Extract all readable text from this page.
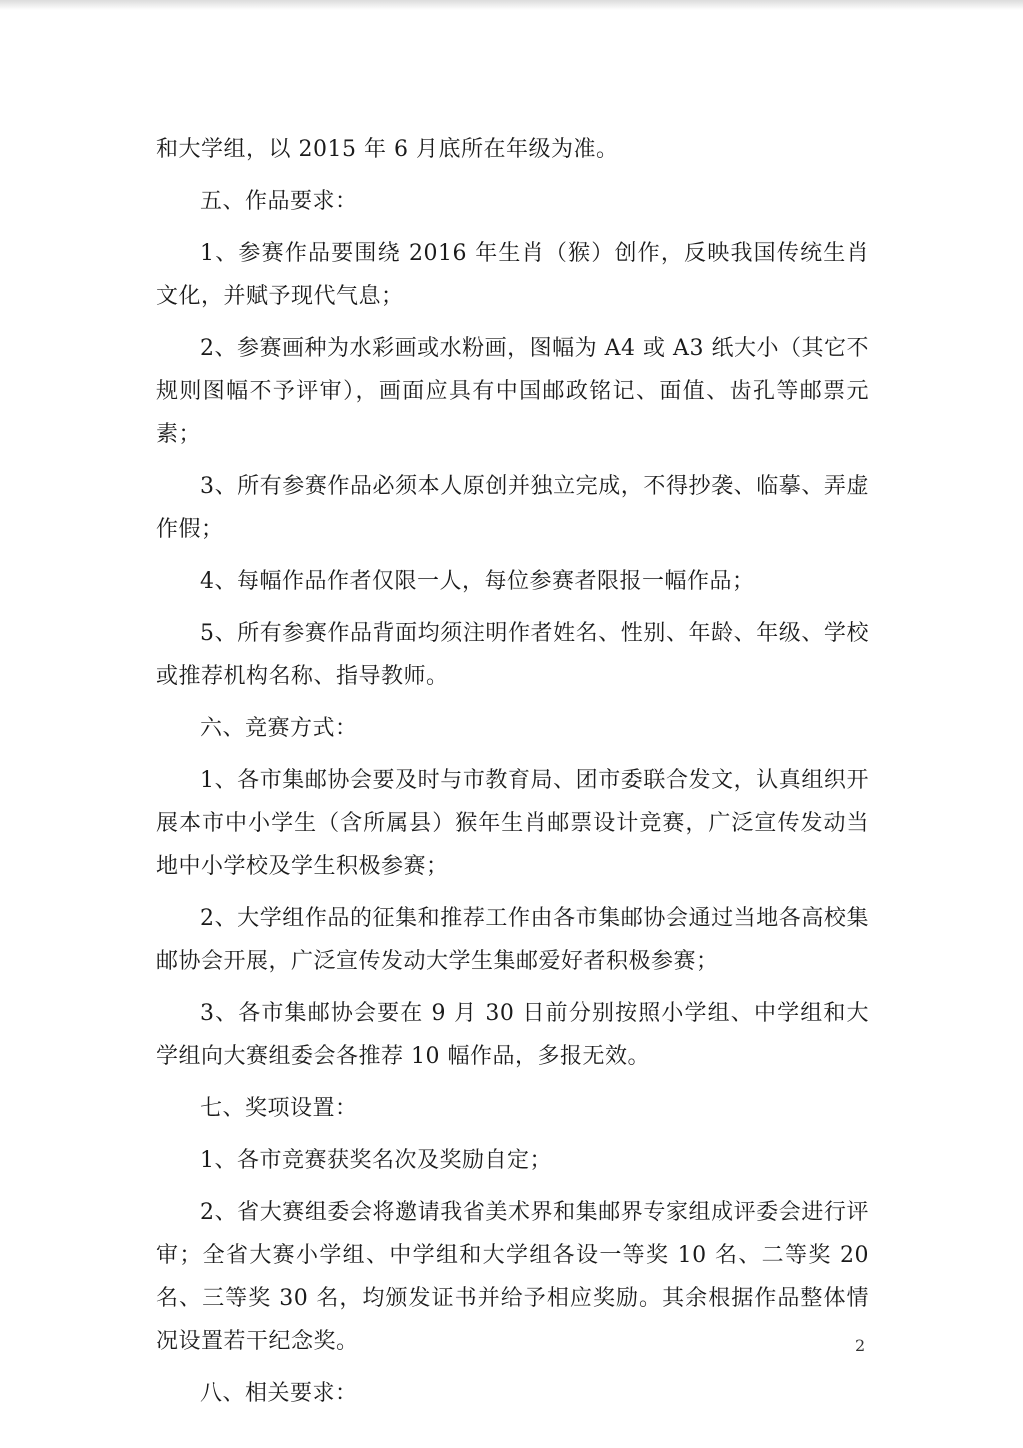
和大学组，以 2015 年 6 月底所在年级为准。

五、作品要求：

1、参赛作品要围绕 2016 年生肖（猴）创作，反映我国传统生肖文化，并赋予现代气息；

2、参赛画种为水彩画或水粉画，图幅为 A4 或 A3 纸大小（其它不规则图幅不予评审），画面应具有中国邮政铭记、面值、齿孔等邮票元素；

3、所有参赛作品必须本人原创并独立完成，不得抄袭、临摹、弄虚作假；

4、每幅作品作者仅限一人，每位参赛者限报一幅作品；

5、所有参赛作品背面均须注明作者姓名、性别、年龄、年级、学校或推荐机构名称、指导教师。

六、竞赛方式：

1、各市集邮协会要及时与市教育局、团市委联合发文，认真组织开展本市中小学生（含所属县）猴年生肖邮票设计竞赛，广泛宣传发动当地中小学校及学生积极参赛；

2、大学组作品的征集和推荐工作由各市集邮协会通过当地各高校集邮协会开展，广泛宣传发动大学生集邮爱好者积极参赛；

3、各市集邮协会要在 9 月 30 日前分别按照小学组、中学组和大学组向大赛组委会各推荐 10 幅作品，多报无效。

七、奖项设置：

1、各市竞赛获奖名次及奖励自定；

2、省大赛组委会将邀请我省美术界和集邮界专家组成评委会进行评审；全省大赛小学组、中学组和大学组各设一等奖 10 名、二等奖 20 名、三等奖 30 名，均颁发证书并给予相应奖励。其余根据作品整体情况设置若干纪念奖。

八、相关要求：

2
